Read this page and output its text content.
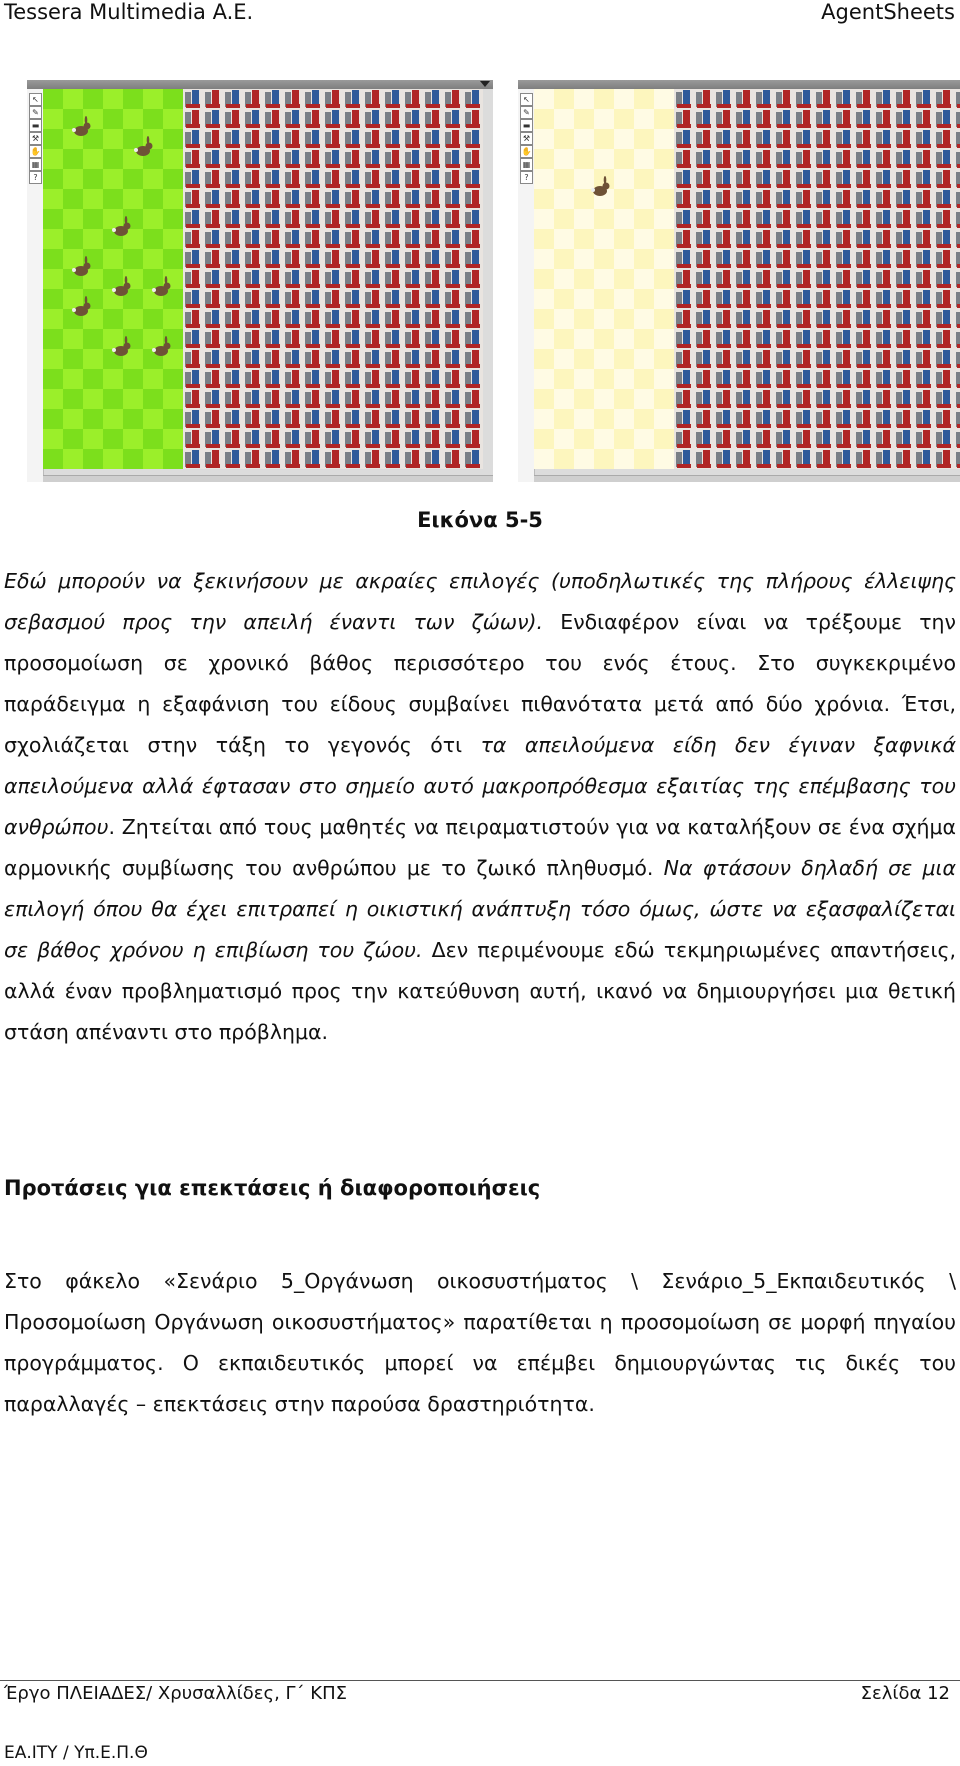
Tessera Multimedia A.E.	AgentSheets
↖
✎
▬
⚒
✋
▦
?
↖
✎
▬
⚒
✋
▦
?
Εικόνα 5-5

Εδώ μπορούν να ξεκινήσουν με ακραίες επιλογές (υποδηλωτικές της πλήρους έλλειψης σεβασμού προς την απειλή έναντι των ζώων). Ενδιαφέρον είναι να τρέξουμε την προσομοίωση σε χρονικό βάθος περισσότερο του ενός έτους. Στο συγκεκριμένο παράδειγμα η εξαφάνιση του είδους συμβαίνει πιθανότατα μετά από δύο χρόνια. Έτσι, σχολιάζεται στην τάξη το γεγονός ότι τα απειλούμενα είδη δεν έγιναν ξαφνικά απειλούμενα αλλά έφτασαν στο σημείο αυτό μακροπρόθεσμα εξαιτίας της επέμβασης του ανθρώπου. Ζητείται από τους μαθητές να πειραματιστούν για να καταλήξουν σε ένα σχήμα αρμονικής συμβίωσης του ανθρώπου με το ζωικό πληθυσμό. Να φτάσουν δηλαδή σε μια επιλογή όπου θα έχει επιτραπεί η οικιστική ανάπτυξη τόσο όμως, ώστε να εξασφαλίζεται σε βάθος χρόνου η επιβίωση του ζώου. Δεν περιμένουμε εδώ τεκμηριωμένες απαντήσεις, αλλά έναν προβληματισμό προς την κατεύθυνση αυτή, ικανό να δημιουργήσει μια θετική στάση απέναντι στο πρόβλημα.

Προτάσεις για επεκτάσεις ή διαφοροποιήσεις

Στο φάκελο «Σενάριο 5_Οργάνωση οικοσυστήματος \ Σενάριο_5_Εκπαιδευτικός \ Προσομοίωση Οργάνωση οικοσυστήματος» παρατίθεται η προσομοίωση σε μορφή πηγαίου προγράμματος. Ο εκπαιδευτικός μπορεί να επέμβει δημιουργώντας τις δικές του παραλλαγές – επεκτάσεις στην παρούσα δραστηριότητα.

Έργο ΠΛΕΙΑΔΕΣ/ Χρυσαλλίδες, Γ΄ ΚΠΣ	Σελίδα 12
ΕΑ.ΙΤΥ / Υπ.Ε.Π.Θ
